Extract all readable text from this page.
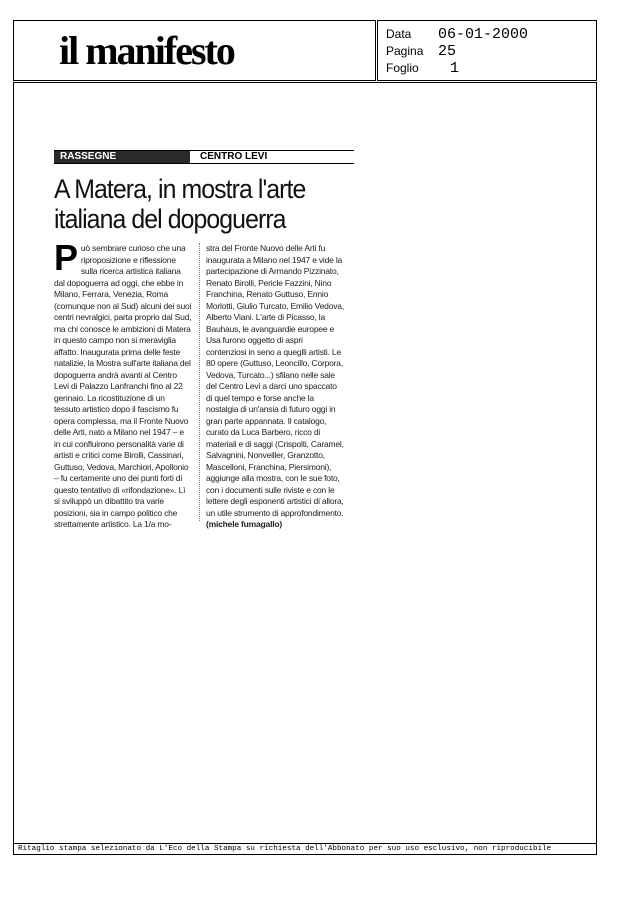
il manifesto	Data 06-01-2000
Pagina 25
Foglio 1
RASSEGNE	CENTRO LEVI
A Matera, in mostra l'arte
italiana del dopoguerra
Può sembrare curioso che una riproposizione e riflessione sulla ricerca artistica italiana dal dopoguerra ad oggi, che ebbe in Milano, Ferrara, Venezia, Roma (comunque non al Sud) alcuni dei suoi centri nevralgici, parta proprio dal Sud, ma chi conosce le ambizioni di Matera in questo campo non si meraviglia affatto. Inaugurata prima delle feste natalizie, la Mostra sull'arte italiana del dopoguerra andrà avanti al Centro Levi di Palazzo Lanfranchi fino al 22 gennaio. La ricostituzione di un tessuto artistico dopo il fascismo fu opera complessa, ma il Fronte Nuovo delle Arti, nato a Milano nel 1947 – e in cui confluirono personalità varie di artisti e critici come Birolli, Cassinari, Guttuso, Vedova, Marchiori, Apollonio – fu certamente uno dei punti forti di questo tentativo di «rifondazione». Lì si sviluppò un dibattito tra varie posizioni, sia in campo politico che strettamente artistico. La 1/a mo-
stra del Fronte Nuovo delle Arti fu inaugurata a Milano nel 1947 e vide la partecipazione di Armando Pizzinato, Renato Birolli, Pericle Fazzini, Nino Franchina, Renato Guttuso, Ennio Morlotti, Giulio Turcato, Emilio Vedova, Alberto Viani. L'arte di Picasso, la Bauhaus, le avanguardie europee e Usa furono oggetto di aspri contenziosi in seno a queglli artisti. Le 80 opere (Guttuso, Leoncillo, Corpora, Vedova, Turcato...) sfilano nelle sale del Centro Levi a darci uno spaccato di quel tempo e forse anche la nostalgia di un'ansia di futuro oggi in gran parte appannata. Il catalogo, curato da Luca Barbero, ricco di materiali e di saggi (Crispolti, Caramel, Salvagnini, Nonveiller, Granzotto, Mascelloni, Franchina, Piersimoni), aggiunge alla mostra, con le sue foto, con i documenti sulle riviste e con le lettere degli esponenti artistici di allora, un utile strumento di approfondimento. (michele fumagallo)
Ritaglio stampa selezionato da L'Eco della Stampa su richiesta dell'Abbonato per suo uso esclusivo, non riproducibile
